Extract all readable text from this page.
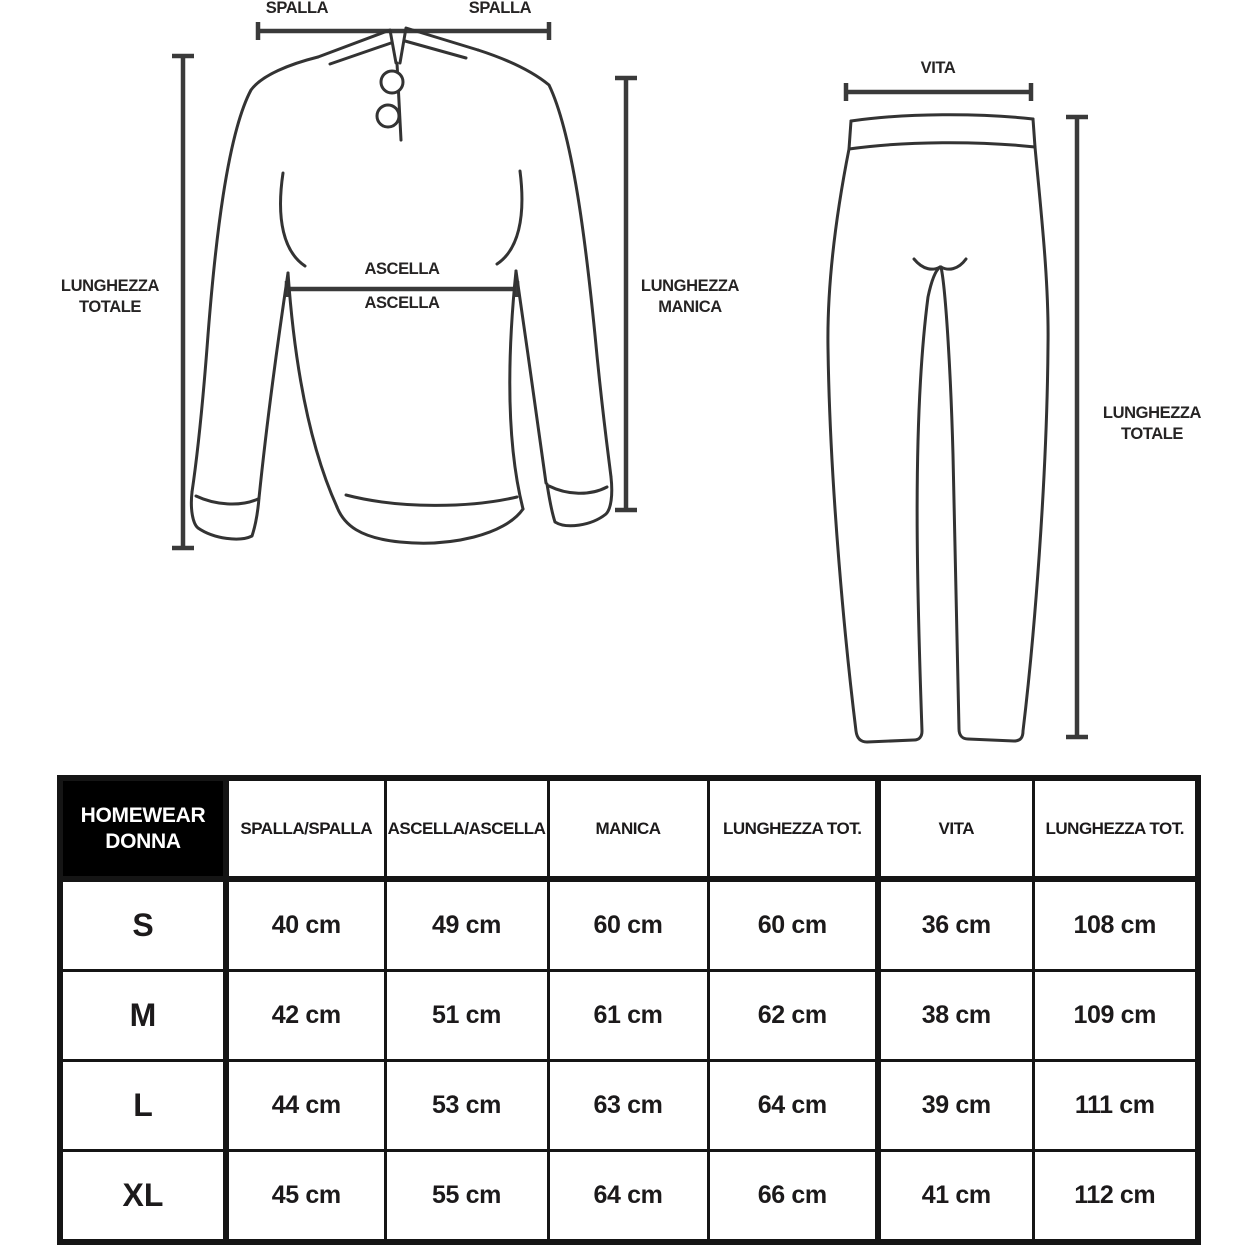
SPALLA	SPALLA
LUNGHEZZA
TOTALE
ASCELLA
ASCELLA
LUNGHEZZA
MANICA
VITA
LUNGHEZZA
TOTALE
HOMEWEAR
DONNA	SPALLA/SPALLA	ASCELLA/ASCELLA	MANICA	LUNGHEZZA TOT.	VITA	LUNGHEZZA TOT.
S	40 cm	49 cm	60 cm	60 cm	36 cm	108 cm
M	42 cm	51 cm	61 cm	62 cm	38 cm	109 cm
L	44 cm	53 cm	63 cm	64 cm	39 cm	111 cm
XL	45 cm	55 cm	64 cm	66 cm	41 cm	112 cm
